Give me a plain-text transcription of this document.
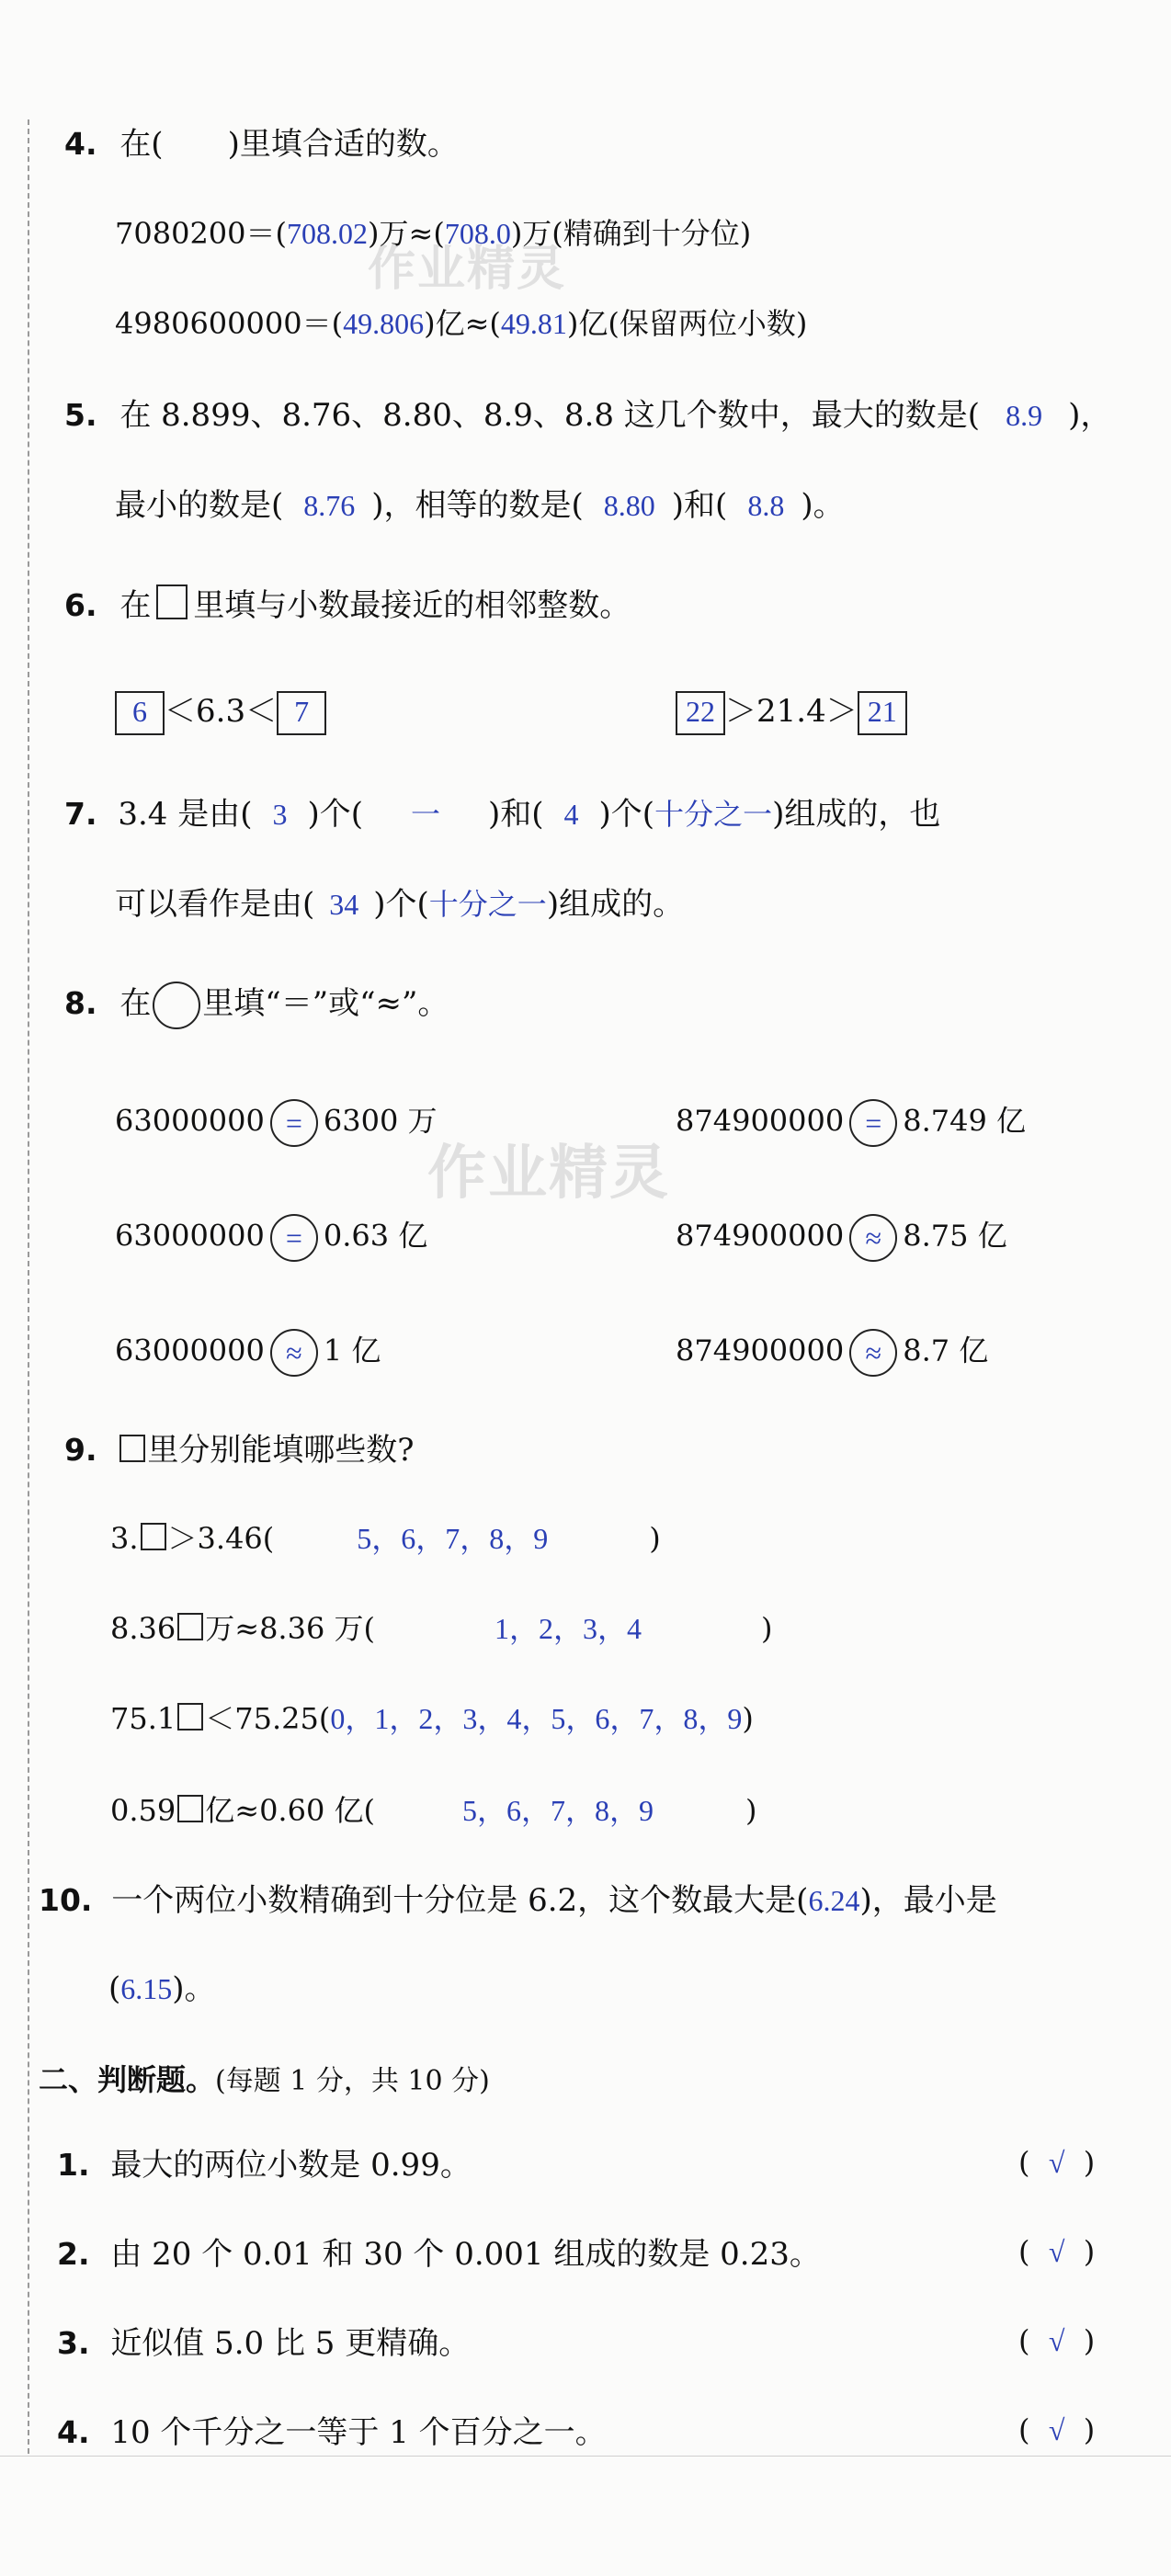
作业精灵
作业精灵
4. 在( )里填合适的数。
7080200＝(708.02)万≈(708.0)万(精确到十分位)
4980600000＝(49.806)亿≈(49.81)亿(保留两位小数)
5. 在 8.899、8.76、8.80、8.9、8.8 这几个数中，最大的数是( 8.9 )，
最小的数是( 8.76 )，相等的数是( 8.80 )和( 8.8 )。
6. 在 里填与小数最接近的相邻整数。
6 ＜6.3＜ 7	22 ＞21.4＞ 21
7. 3.4 是由( 3 )个( 一 )和( 4 )个(十分之一)组成的，也
可以看作是由( 34 )个(十分之一)组成的。
8. 在 里填“＝”或“≈”。
63000000 = 6300 万	874900000 = 8.749 亿
63000000 = 0.63 亿	874900000 ≈ 8.75 亿
63000000 ≈ 1 亿	874900000 ≈ 8.7 亿
9. 里分别能填哪些数?
3. ＞3.46(	5，6，7，8，9	)
8.36 万≈8.36 万(	1，2，3，4	)
75.1 ＜75.25(0，1，2，3，4，5，6，7，8，9)
0.59 亿≈0.60 亿(	5，6，7，8，9	)
10. 一个两位小数精确到十分位是 6.2，这个数最大是(6.24)，最小是
(6.15)。
二、判断题。(每题 1 分，共 10 分)
1. 最大的两位小数是 0.99。	(  √  )
2. 由 20 个 0.01 和 30 个 0.001 组成的数是 0.23。	(  √  )
3. 近似值 5.0 比 5 更精确。	(  √  )
4. 10 个千分之一等于 1 个百分之一。	(  √  )
